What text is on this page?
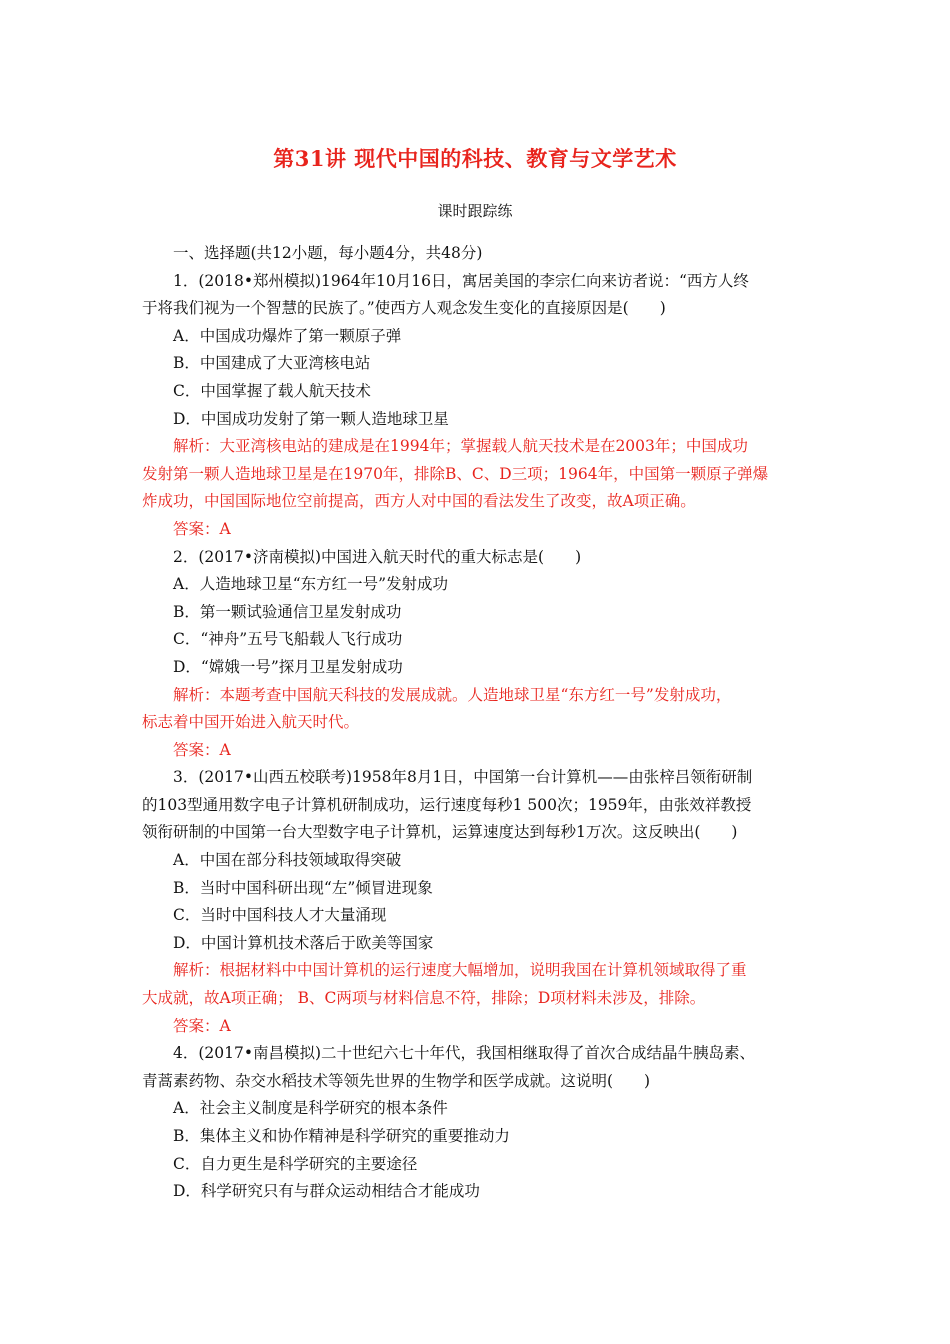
第31讲 现代中国的科技、教育与文学艺术
课时跟踪练
一、选择题(共12小题，每小题4分，共48分)
1．(2018•郑州模拟)1964年10月16日，寓居美国的李宗仁向来访者说：“西方人终
于将我们视为一个智慧的民族了。”使西方人观念发生变化的直接原因是(　　)
A．中国成功爆炸了第一颗原子弹
B．中国建成了大亚湾核电站
C．中国掌握了载人航天技术
D．中国成功发射了第一颗人造地球卫星
解析：大亚湾核电站的建成是在1994年；掌握载人航天技术是在2003年；中国成功
发射第一颗人造地球卫星是在1970年，排除B、C、D三项；1964年，中国第一颗原子弹爆
炸成功，中国国际地位空前提高，西方人对中国的看法发生了改变，故A项正确。
答案：A
2．(2017•济南模拟)中国进入航天时代的重大标志是(　　)
A．人造地球卫星“东方红一号”发射成功
B．第一颗试验通信卫星发射成功
C．“神舟”五号飞船载人飞行成功
D．“嫦娥一号”探月卫星发射成功
解析：本题考查中国航天科技的发展成就。人造地球卫星“东方红一号”发射成功，
标志着中国开始进入航天时代。
答案：A
3．(2017•山西五校联考)1958年8月1日，中国第一台计算机——由张梓吕领衔研制
的103型通用数字电子计算机研制成功，运行速度每秒1 500次；1959年，由张效祥教授
领衔研制的中国第一台大型数字电子计算机，运算速度达到每秒1万次。这反映出(　　)
A．中国在部分科技领域取得突破
B．当时中国科研出现“左”倾冒进现象
C．当时中国科技人才大量涌现
D．中国计算机技术落后于欧美等国家
解析：根据材料中中国计算机的运行速度大幅增加，说明我国在计算机领域取得了重
大成就，故A项正确； B、C两项与材料信息不符，排除；D项材料未涉及，排除。
答案：A
4．(2017•南昌模拟)二十世纪六七十年代，我国相继取得了首次合成结晶牛胰岛素、
青蒿素药物、杂交水稻技术等领先世界的生物学和医学成就。这说明(　　)
A．社会主义制度是科学研究的根本条件
B．集体主义和协作精神是科学研究的重要推动力
C．自力更生是科学研究的主要途径
D．科学研究只有与群众运动相结合才能成功
